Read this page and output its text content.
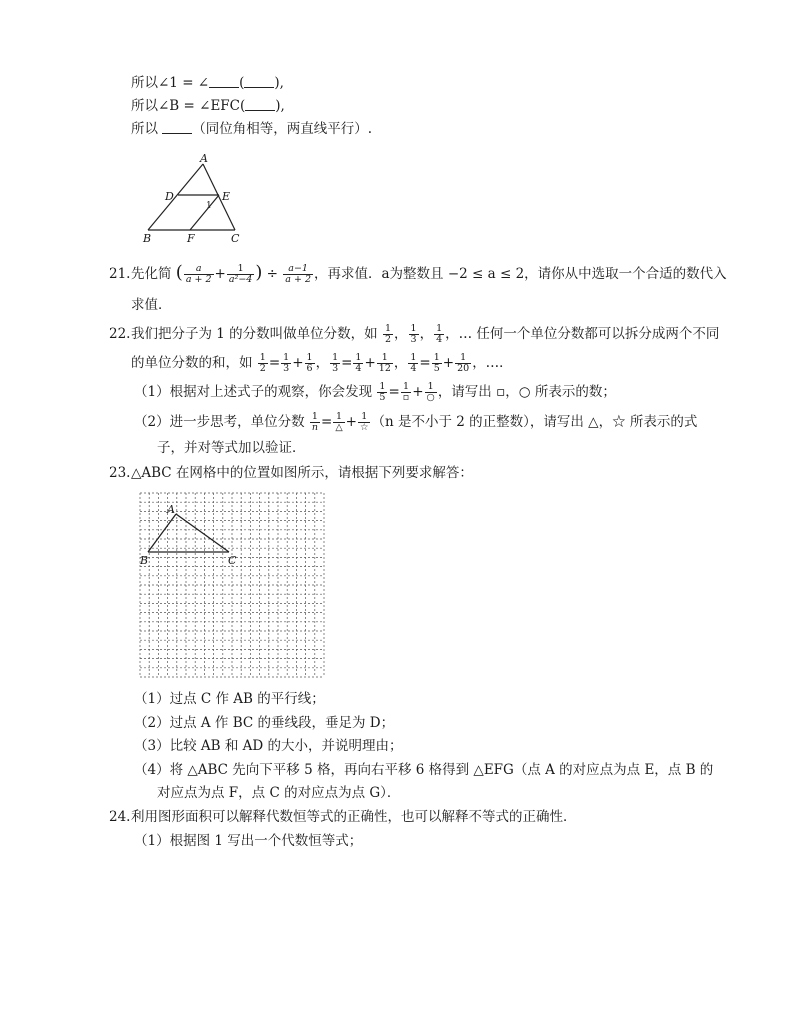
所以∠1 = ∠ ( ),
所以∠B = ∠EFC( ),
所以	（同位角相等，两直线平行）.
A
D	E
1
B	F	C
21.先化简 ( $\frac{a}{a + 2} + \frac{1}{\text{a²−4}}$ ) ÷ $\frac{a-1}{a + 2}$ ，再求值．a为整数且 −2 ≤ a ≤ 2，请你从中选取一个合适的数代入
求值．
22.我们把分子为 1 的分数叫做单位分数，如 $\frac{1}{2}$ ， $\frac{1}{3}$ ， $\frac{1}{4}$ ，… 任何一个单位分数都可以拆分成两个不同
的单位分数的和，如 $\frac{1}{2} = \frac{1}{3} + \frac{1}{6}$ ， $\frac{1}{3} = \frac{1}{4} + \frac{1}{12}$ ， $\frac{1}{4} = \frac{1}{5} + \frac{1}{20}$ ，…．
（1）根据对上述式子的观察，你会发现 $\frac{1}{5} = \frac{1}{▫} + \frac{1}{○}$ ，请写出 ▫，○ 所表示的数；
（2）进一步思考，单位分数 $\frac{1}{n} = \frac{1}{\triangle} + \frac{1}{☆} (n$ 是不小于 2 的正整数），请写出 △，☆ 所表示的式
子，并对等式加以验证．
23.△ABC 在网格中的位置如图所示，请根据下列要求解答：
A
B	C
（1）过点 C 作 AB 的平行线；
（2）过点 A 作 BC 的垂线段，垂足为 D；
（3）比较 AB 和 AD 的大小，并说明理由；
（4）将 △ABC 先向下平移 5 格，再向右平移 6 格得到 △EFG（点 A 的对应点为点 E，点 B 的
对应点为点 F，点 C 的对应点为点 G）．
24.利用图形面积可以解释代数恒等式的正确性，也可以解释不等式的正确性．
（1）根据图 1 写出一个代数恒等式；
